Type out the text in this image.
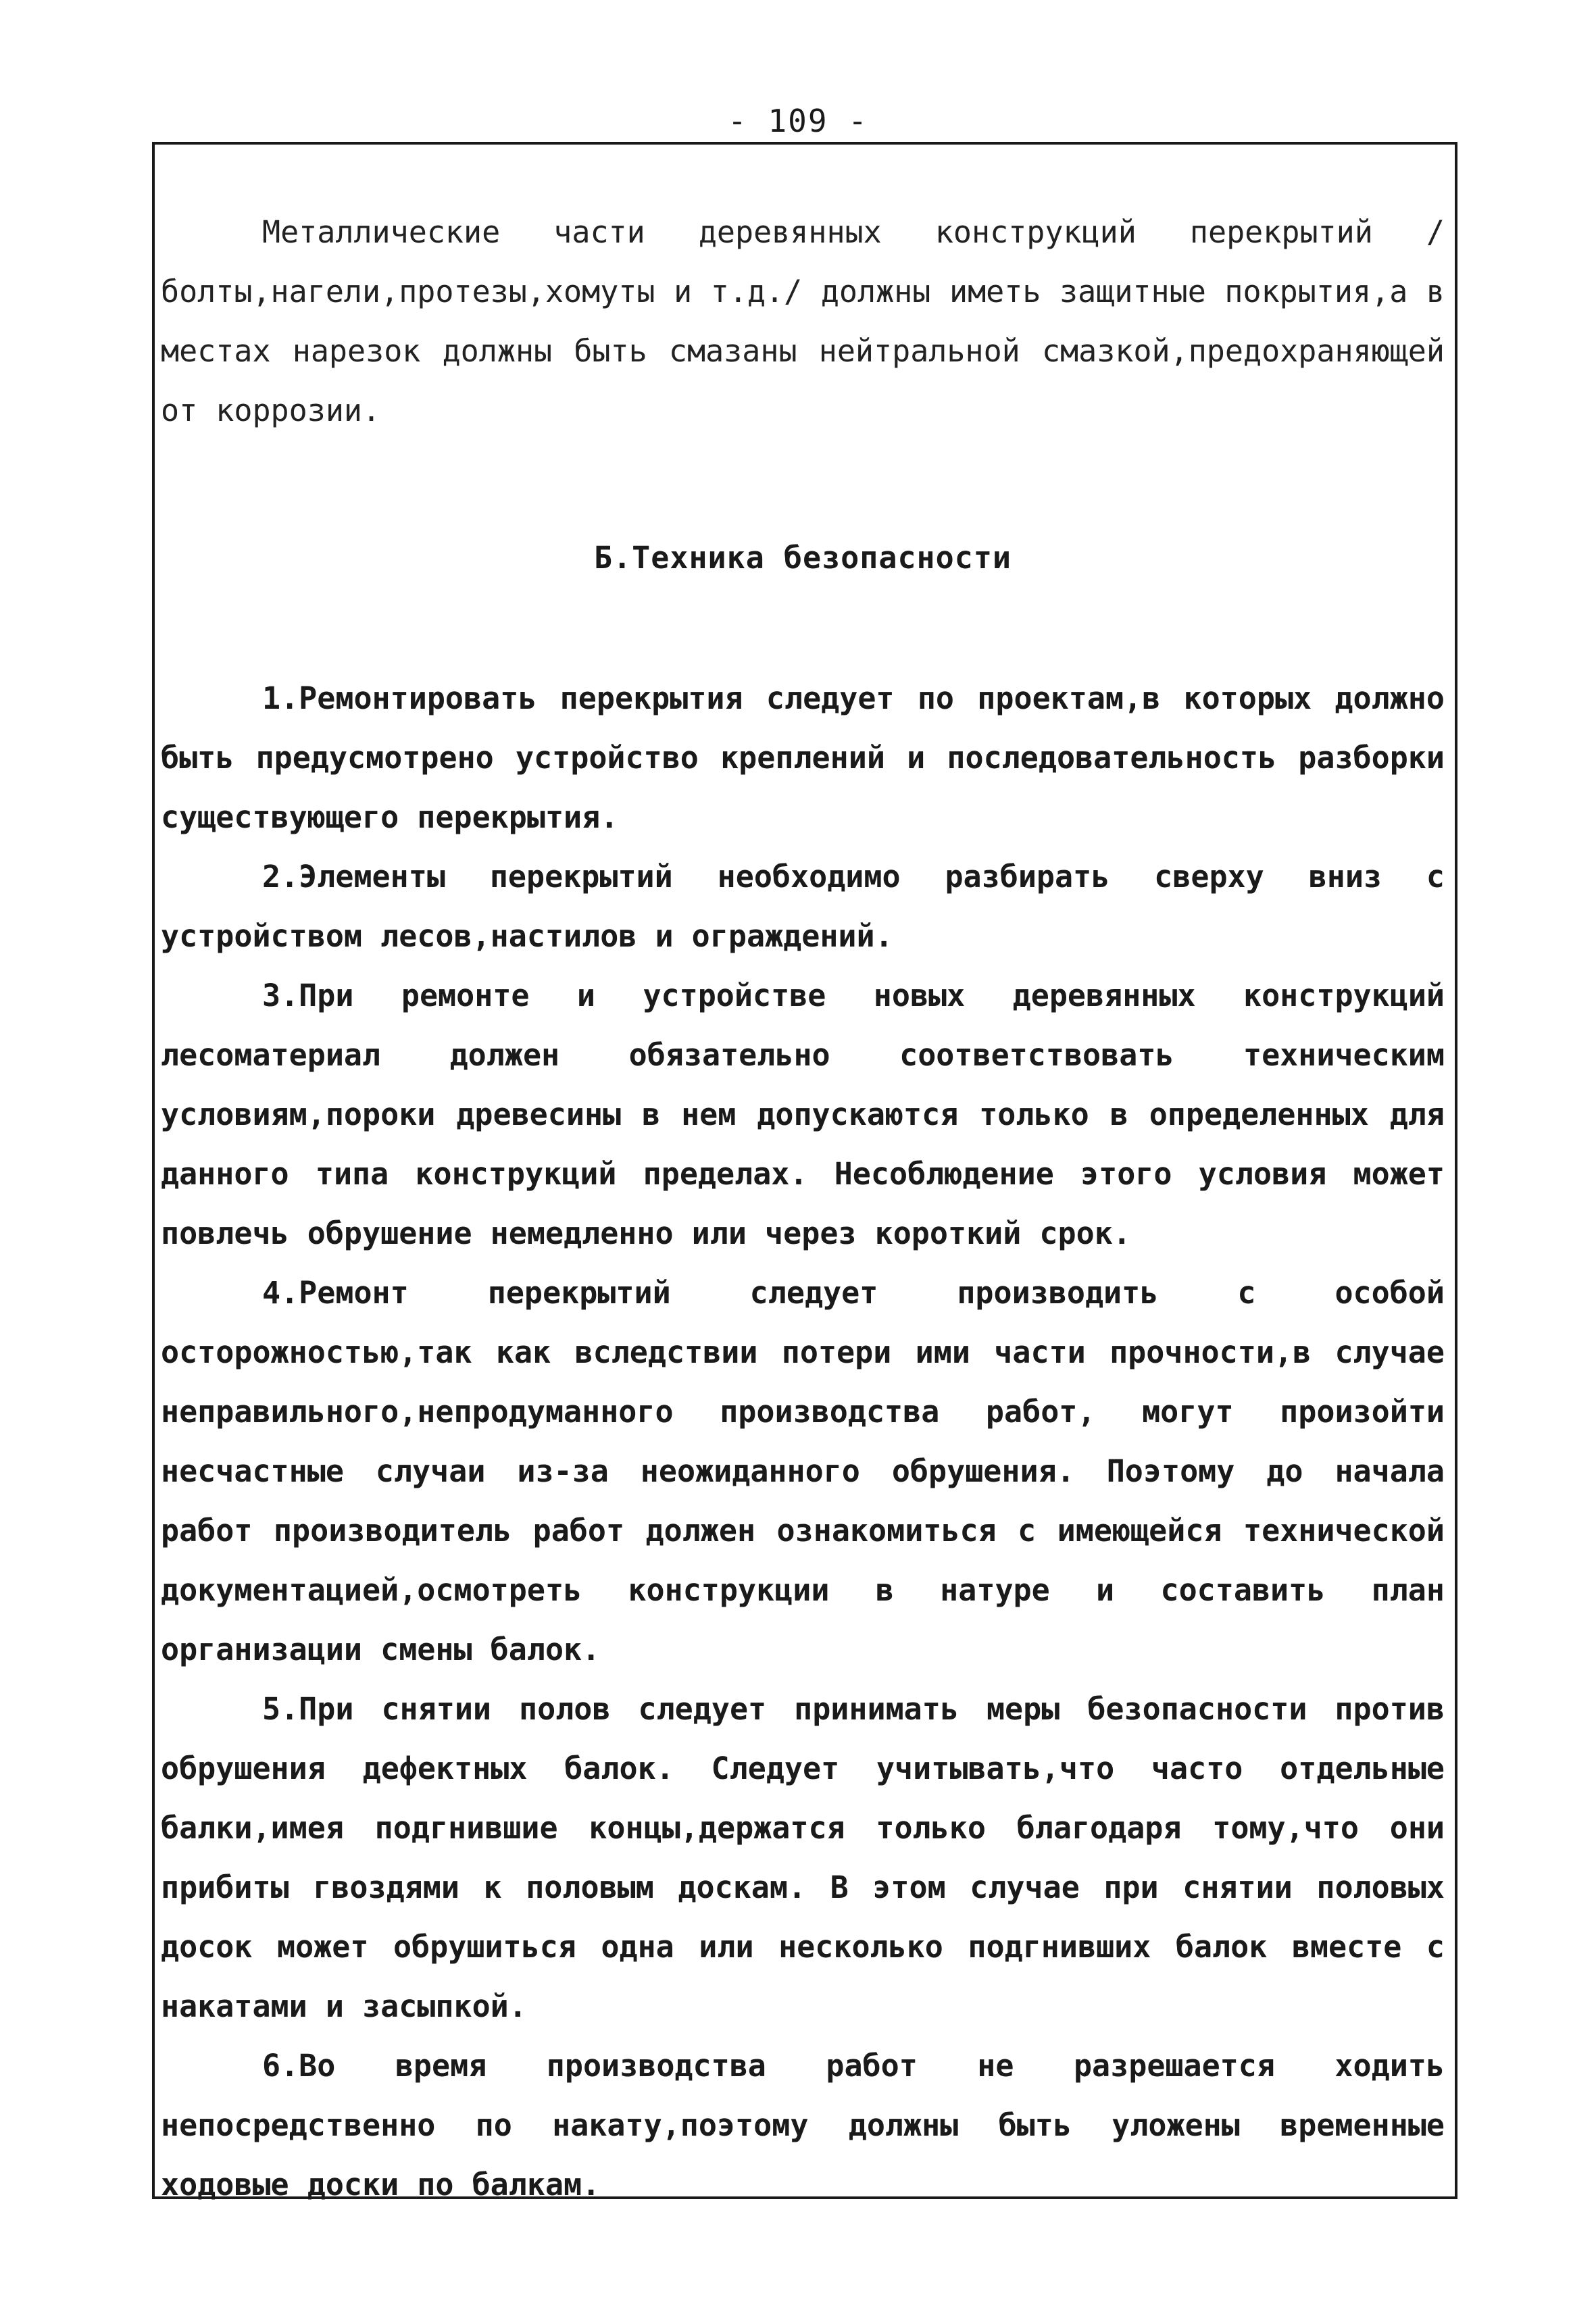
- 109 -

Металлические части деревянных конструкций перекрытий /болты,нагели,протезы,хомуты и т.д./ должны иметь защитные покрытия,а в местах нарезок должны быть смазаны нейтральной смазкой,предохраняющей от коррозии.

Б.Техника безопасности

1.Ремонтировать перекрытия следует по проектам,в которых должно быть предусмотрено устройство креплений и последовательность разборки существующего перекрытия.

2.Элементы перекрытий необходимо разбирать сверху вниз с устройством лесов,настилов и ограждений.

3.При ремонте и устройстве новых деревянных конструкций лесоматериал должен обязательно соответствовать техническим условиям,пороки древесины в нем допускаются только в определенных для данного типа конструкций пределах. Несоблюдение этого условия может повлечь обрушение немедленно или через короткий срок.

4.Ремонт перекрытий следует производить с особой осторожностью,так как вследствии потери ими части прочности,в случае неправильного,непродуманного производства работ, могут произойти несчастные случаи из-за неожиданного обрушения. Поэтому до начала работ производитель работ должен ознакомиться с имеющейся технической документацией,осмотреть конструкции в натуре и составить план организации смены балок.

5.При снятии полов следует принимать меры безопасности против обрушения дефектных балок. Следует учитывать,что часто отдельные балки,имея подгнившие концы,держатся только благодаря тому,что они прибиты гвоздями к половым доскам. В этом случае при снятии половых досок может обрушиться одна или несколько подгнивших балок вместе с накатами и засыпкой.

6.Во время производства работ не разрешается ходить непосредственно по накату,поэтому должны быть уложены временные ходовые доски по балкам.
